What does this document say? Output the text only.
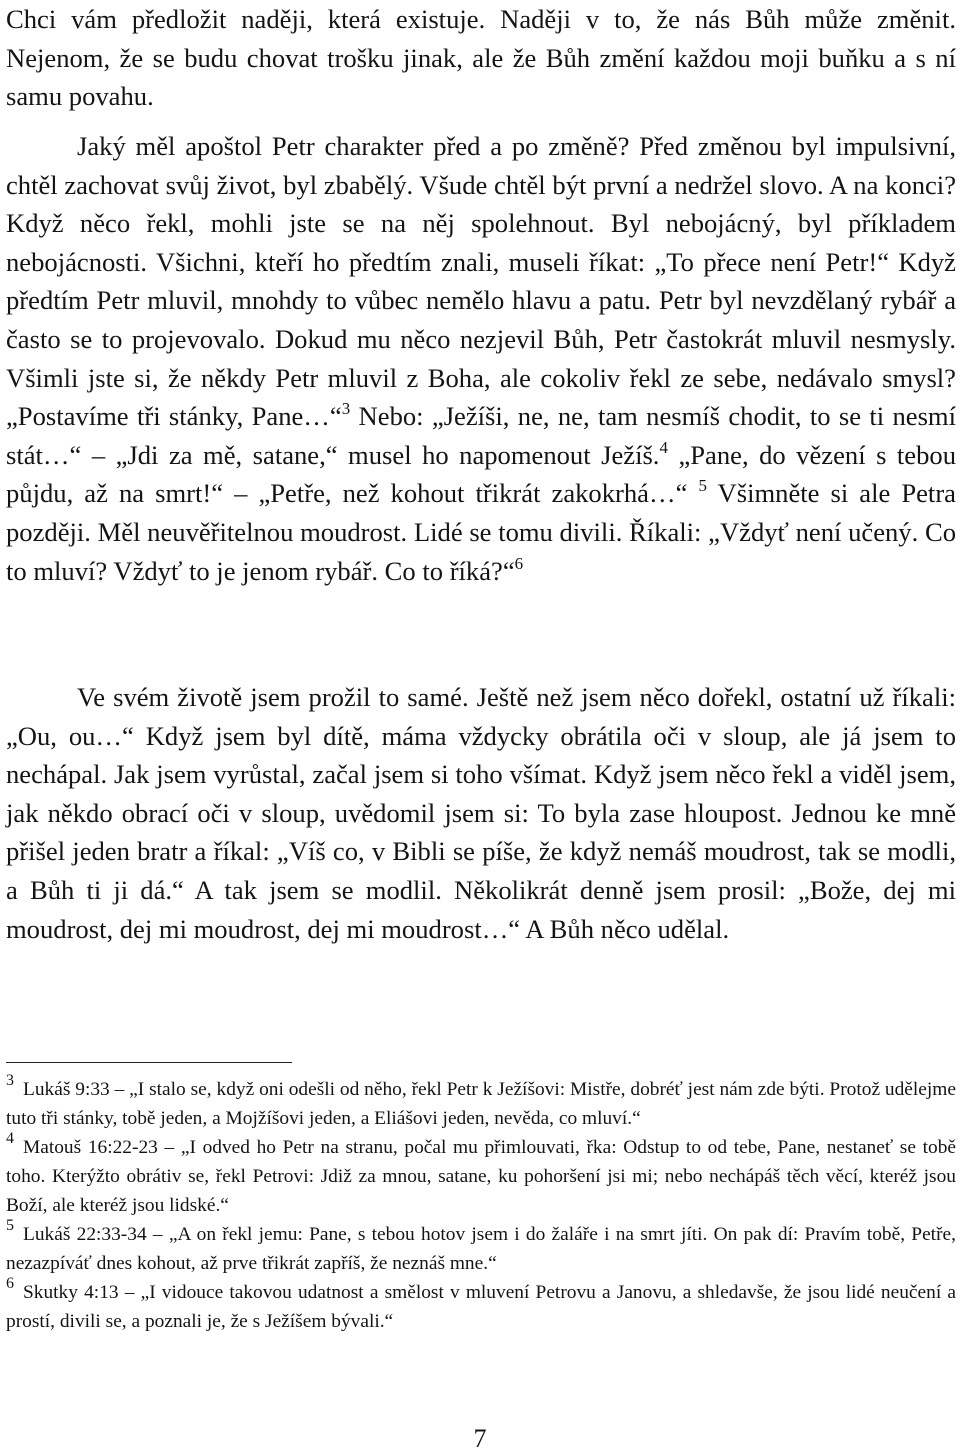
Chci vám předložit naději, která existuje. Naději v to, že nás Bůh může změnit. Nejenom, že se budu chovat trošku jinak, ale že Bůh změní každou moji buňku a s ní samu povahu.

Jaký měl apoštol Petr charakter před a po změně? Před změnou byl impulsivní, chtěl zachovat svůj život, byl zbabělý. Všude chtěl být první a nedržel slovo. A na konci? Když něco řekl, mohli jste se na něj spolehnout. Byl nebojácný, byl příkladem nebojácnosti. Všichni, kteří ho předtím znali, museli říkat: „To přece není Petr!“ Když předtím Petr mluvil, mnohdy to vůbec nemělo hlavu a patu. Petr byl nevzdělaný rybář a často se to projevovalo. Dokud mu něco nezjevil Bůh, Petr častokrát mluvil nesmysly. Všimli jste si, že někdy Petr mluvil z Boha, ale cokoliv řekl ze sebe, nedávalo smysl? „Postavíme tři stánky, Pane…“$^3$ Nebo: „Ježíši, ne, ne, tam nesmíš chodit, to se ti nesmí stát…“ – „Jdi za mě, satane,“ musel ho napomenout Ježíš.$^4$ „Pane, do vězení s tebou půjdu, až na smrt!“ – „Petře, než kohout třikrát zakokrhá…“ $^5$ Všimněte si ale Petra později. Měl neuvěřitelnou moudrost. Lidé se tomu divili. Říkali: „Vždyť není učený. Co to mluví? Vždyť to je jenom rybář. Co to říká?“$^6$

Ve svém životě jsem prožil to samé. Ještě než jsem něco dořekl, ostatní už říkali: „Ou, ou…“ Když jsem byl dítě, máma vždycky obrátila oči v sloup, ale já jsem to nechápal. Jak jsem vyrůstal, začal jsem si toho všímat. Když jsem něco řekl a viděl jsem, jak někdo obrací oči v sloup, uvědomil jsem si: To byla zase hloupost. Jednou ke mně přišel jeden bratr a říkal: „Víš co, v Bibli se píše, že když nemáš moudrost, tak se modli, a Bůh ti ji dá.“ A tak jsem se modlil. Několikrát denně jsem prosil: „Bože, dej mi moudrost, dej mi moudrost, dej mi moudrost…“ A Bůh něco udělal.

$^3$ Lukáš 9:33 – „I stalo se, když oni odešli od něho, řekl Petr k Ježíšovi: Mistře, dobréť jest nám zde býti. Protož udělejme tuto tři stánky, tobě jeden, a Mojžíšovi jeden, a Eliášovi jeden, nevěda, co mluví.“

$^4$ Matouš 16:22-23 – „I odved ho Petr na stranu, počal mu přimlouvati, řka: Odstup to od tebe, Pane, nestaneť se tobě toho. Kterýžto obrátiv se, řekl Petrovi: Jdiž za mnou, satane, ku pohoršení jsi mi; nebo nechápáš těch věcí, kteréž jsou Boží, ale kteréž jsou lidské.“

$^5$ Lukáš 22:33-34 – „A on řekl jemu: Pane, s tebou hotov jsem i do žaláře i na smrt jíti. On pak dí: Pravím tobě, Petře, nezazpíváť dnes kohout, až prve třikrát zapříš, že neznáš mne.“

$^6$ Skutky 4:13 – „I vidouce takovou udatnost a smělost v mluvení Petrovu a Janovu, a shledavše, že jsou lidé neučení a prostí, divili se, a poznali je, že s Ježíšem bývali.“

7
